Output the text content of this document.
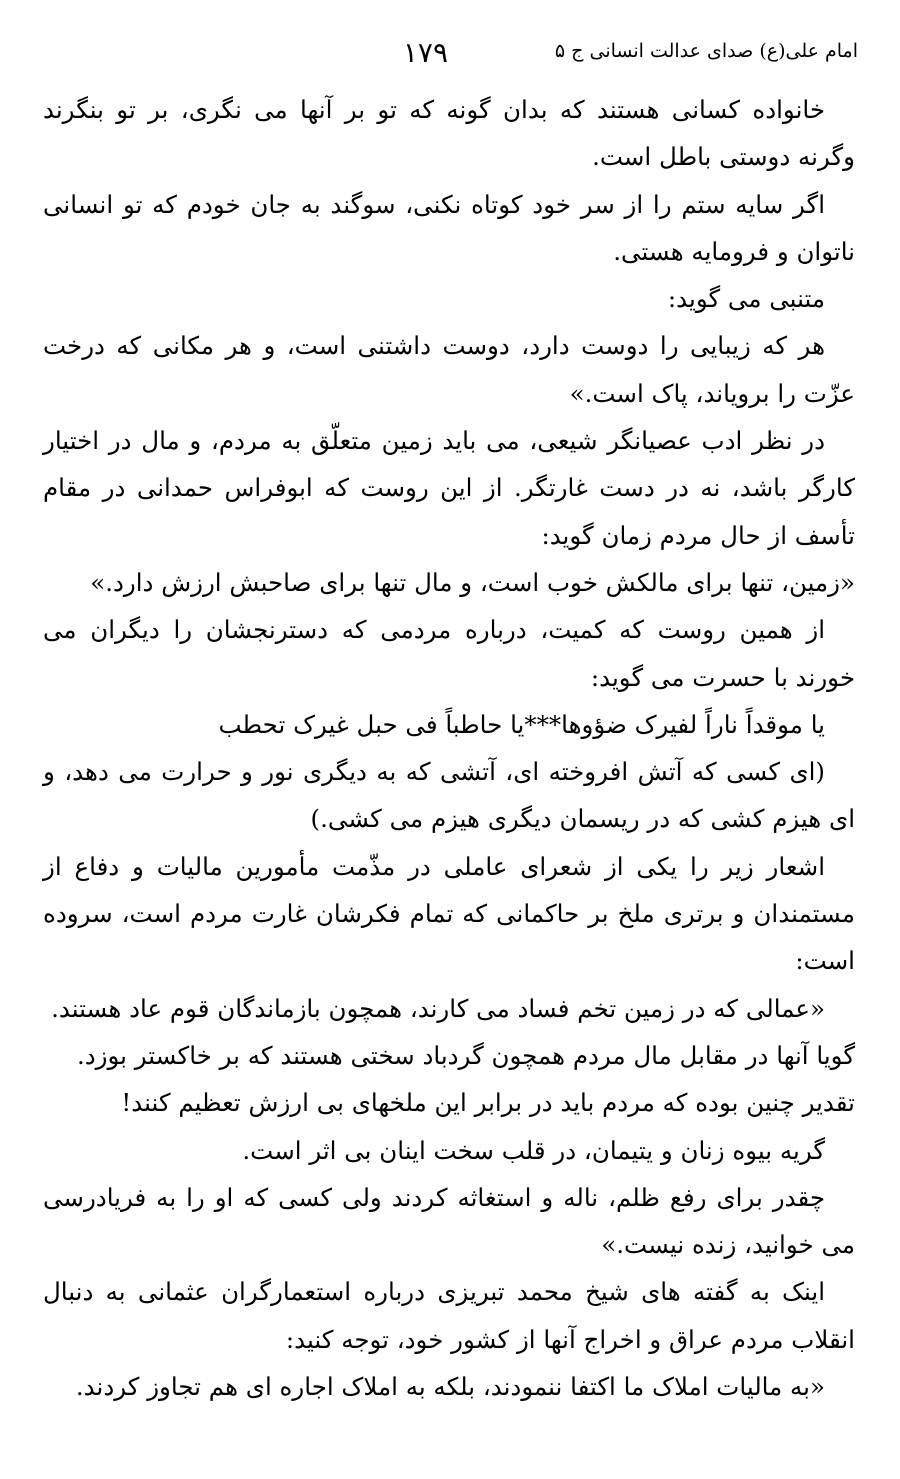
امام علی(ع) صدای عدالت انسانی ج ۵
۱۷۹

خانواده کسانی هستند که بدان گونه که تو بر آنها می نگری، بر تو بنگرند وگرنه دوستی باطل است.

اگر سایه ستم را از سر خود کوتاه نکنی، سوگند به جان خودم که تو انسانی ناتوان و فرومایه هستی.

متنبی می گوید:

هر که زیبایی را دوست دارد، دوست داشتنی است، و هر مکانی که درخت عزّت را برویاند، پاک است.»

در نظر ادب عصیانگر شیعی، می باید زمین متعلّق به مردم، و مال در اختیار کارگر باشد، نه در دست غارتگر. از این روست که ابوفراس حمدانی در مقام تأسف از حال مردم زمان گوید:

«زمین، تنها برای مالکش خوب است، و مال تنها برای صاحبش ارزش دارد.»

از همین روست که کمیت، درباره مردمی که دسترنجشان را دیگران می خورند با حسرت می گوید:

یا موقداً ناراً لفیرک ضؤوها***یا حاطباً فی حبل غیرک تحطب

(ای کسی که آتش افروخته ای، آتشی که به دیگری نور و حرارت می دهد، و ای هیزم کشی که در ریسمان دیگری هیزم می کشی.)

اشعار زیر را یکی از شعرای عاملی در مذّمت مأمورین مالیات و دفاع از مستمندان و برتری ملخ بر حاکمانی که تمام فکرشان غارت مردم است، سروده است:

«عمالی که در زمین تخم فساد می کارند، همچون بازماندگان قوم عاد هستند.

گویا آنها در مقابل مال مردم همچون گردباد سختی هستند که بر خاکستر بوزد.

تقدیر چنین بوده که مردم باید در برابر این ملخهای بی ارزش تعظیم کنند!

گریه بیوه زنان و یتیمان، در قلب سخت اینان بی اثر است.

چقدر برای رفع ظلم، ناله و استغاثه کردند ولی کسی که او را به فریادرسی می خوانید، زنده نیست.»

اینک به گفته های شیخ محمد تبریزی درباره استعمارگران عثمانی به دنبال انقلاب مردم عراق و اخراج آنها از کشور خود، توجه کنید:

«به مالیات املاک ما اکتفا ننمودند، بلکه به املاک اجاره ای هم تجاوز کردند.
